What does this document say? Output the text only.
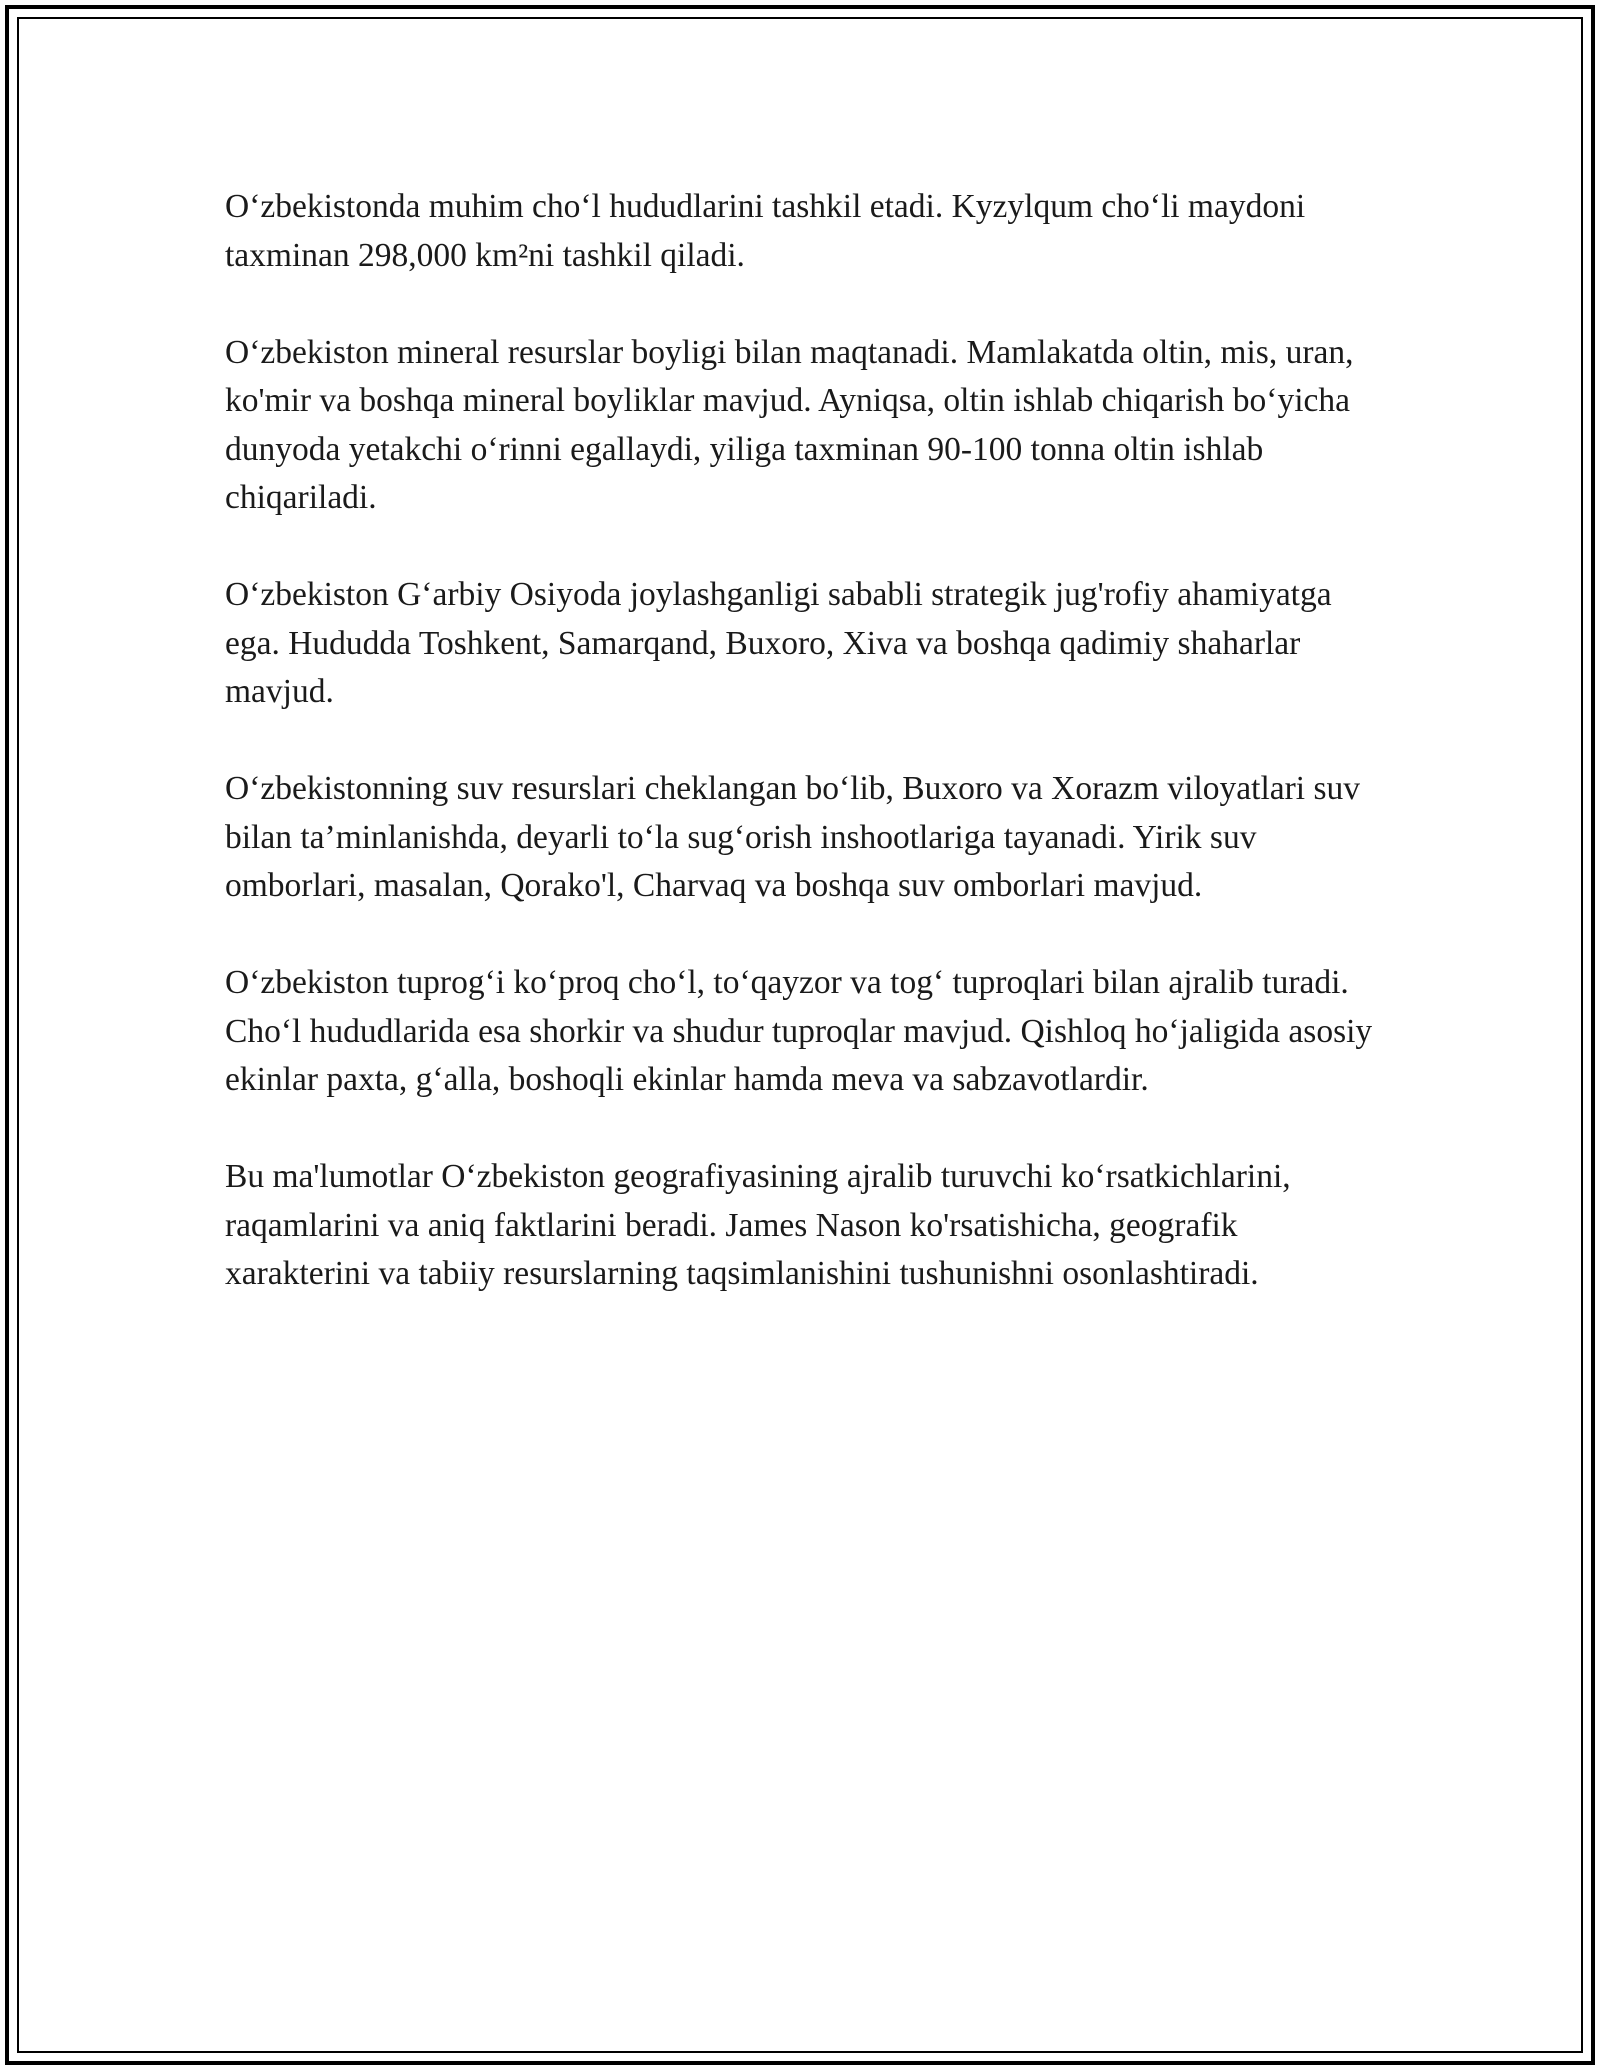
O‘zbekistonda muhim cho‘l hududlarini tashkil etadi. Kyzylqum cho‘li maydoni taxminan 298,000 km²ni tashkil qiladi.

O‘zbekiston mineral resurslar boyligi bilan maqtanadi. Mamlakatda oltin, mis, uran, ko'mir va boshqa mineral boyliklar mavjud. Ayniqsa, oltin ishlab chiqarish bo‘yicha dunyoda yetakchi o‘rinni egallaydi, yiliga taxminan 90-100 tonna oltin ishlab chiqariladi.

O‘zbekiston G‘arbiy Osiyoda joylashganligi sababli strategik jug'rofiy ahamiyatga ega. Hududda Toshkent, Samarqand, Buxoro, Xiva va boshqa qadimiy shaharlar mavjud.

O‘zbekistonning suv resurslari cheklangan bo‘lib, Buxoro va Xorazm viloyatlari suv bilan ta’minlanishda, deyarli to‘la sug‘orish inshootlariga tayanadi. Yirik suv omborlari, masalan, Qorako'l, Charvaq va boshqa suv omborlari mavjud.

O‘zbekiston tuprog‘i ko‘proq cho‘l, to‘qayzor va tog‘ tuproqlari bilan ajralib turadi. Cho‘l hududlarida esa shorkir va shudur tuproqlar mavjud. Qishloq ho‘jaligida asosiy ekinlar paxta, g‘alla, boshoqli ekinlar hamda meva va sabzavotlardir.

Bu ma'lumotlar O‘zbekiston geografiyasining ajralib turuvchi ko‘rsatkichlarini, raqamlarini va aniq faktlarini beradi. James Nason ko'rsatishicha, geografik xarakterini va tabiiy resurslarning taqsimlanishini tushunishni osonlashtiradi.
